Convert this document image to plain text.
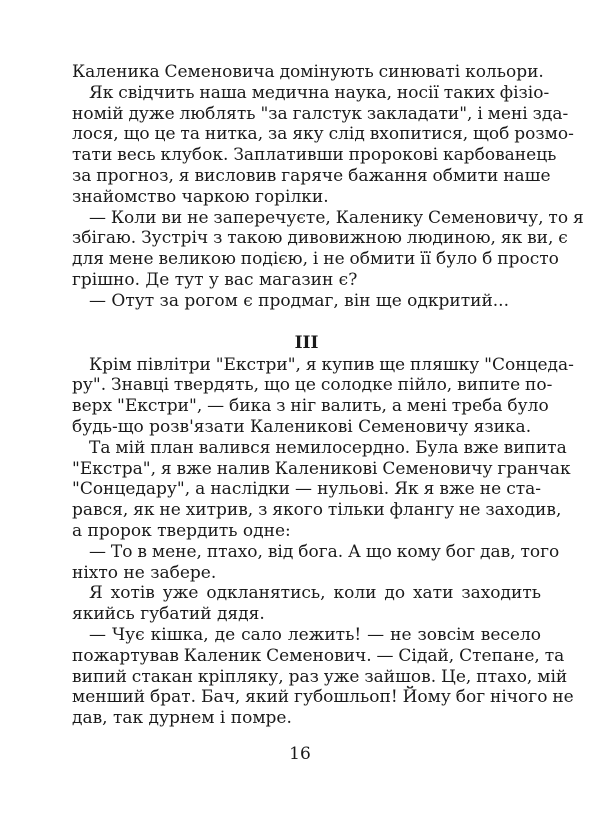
Каленика Семеновича домінують синюваті кольори.
Як свідчить наша медична наука, носії таких фізіо-
номій дуже люблять "за галстук закладати", і мені зда-
лося, що це та нитка, за яку слід вхопитися, щоб розмо-
тати весь клубок. Заплативши пророкові карбованець
за прогноз, я висловив гаряче бажання обмити наше
знайомство чаркою горілки.
— Коли ви не заперечуєте, Каленику Семеновичу, то я
збігаю. Зустріч з такою дивовижною людиною, як ви, є
для мене великою подією, і не обмити її було б просто
грішно. Де тут у вас магазин є?
— Отут за рогом є продмаг, він ще одкритий...
III
Крім півлітри "Екстри", я купив ще пляшку "Сонцеда-
ру". Знавці твердять, що це солодке пійло, випите по-
верх "Екстри", — бика з ніг валить, а мені треба було
будь-що розв'язати Калениковi Семеновичу язика.
Та мій план валився немилосердно. Була вже випита
"Екстра", я вже налив Калениковi Семеновичу гранчак
"Сонцедару", а наслідки — нульові. Як я вже не ста-
рався, як не хитрив, з якого тільки флангу не заходив,
а пророк твердить одне:
— То в мене, птахо, від бога. А що кому бог дав, того
ніхто не забере.
Я хотів уже одкланятись, коли до хати заходить
якийсь губатий дядя.
— Чує кішка, де сало лежить! — не зовсім весело
пожартував Каленик Семенович. — Сідай, Степане, та
випий стакан кріпляку, раз уже зайшов. Це, птахо, мій
менший брат. Бач, який губошльоп! Йому бог нічого не
дав, так дурнем і помре.
16
